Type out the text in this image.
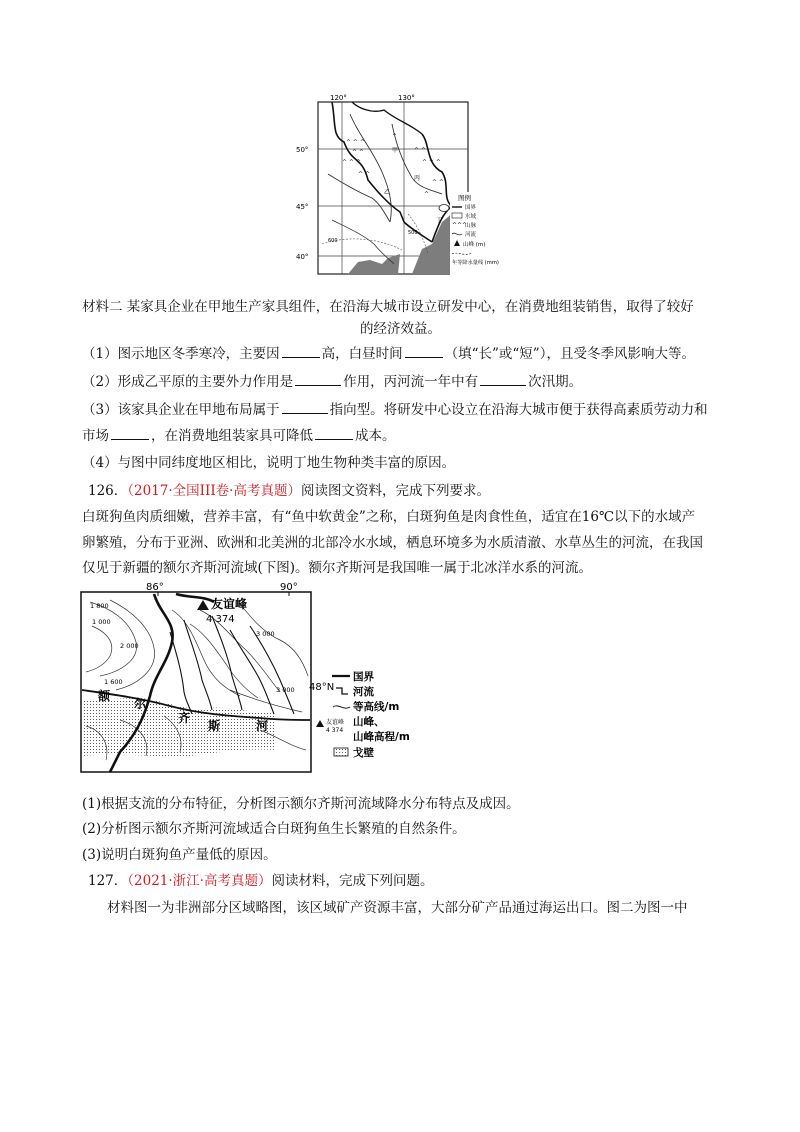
^ ^ ^
^ ^
^ ^ ^
^ ^
^ ^
^ ^ ^
^ ^
^
^
120°	130°
50°
45°
40°
甲
乙
丙
丁
600
500
图例
国界
水域
^^^
山脉
河流
山峰 (m)
年等降水量线 (mm)
材料二 某家具企业在甲地生产家具组件，在沿海大城市设立研发中心，在消费地组装销售，取得了较好
的经济效益。
（1）图示地区冬季寒冷，主要因	高，白昼时间	（填“长”或“短”），且受冬季风影响大等。
（2）形成乙平原的主要外力作用是	作用，丙河流一年中有	次汛期。
（3）该家具企业在甲地布局属于	指向型。将研发中心设立在沿海大城市便于获得高素质劳动力和
市场	，在消费地组装家具可降低	成本。
（4）与图中同纬度地区相比，说明丁地生物种类丰富的原因。
126．（2017·全国III卷·高考真题）阅读图文资料，完成下列要求。
白斑狗鱼肉质细嫩，营养丰富，有“鱼中软黄金”之称，白斑狗鱼是肉食性鱼，适宜在16℃以下的水域产
卵繁殖，分布于亚洲、欧洲和北美洲的北部冷水水域，栖息环境多为水质清澈、水草丛生的河流，在我国
仅见于新疆的额尔齐斯河流域(下图)。额尔齐斯河是我国唯一属于北冰洋水系的河流。
86°	90°
友谊峰
4 374
1 800
3 000
1 000
2 000
1 600
3 000
额
尔
齐
斯	河
48°N
国界
河流
等高线/m
友谊峰
4 374
山峰、
山峰高程/m
戈壁
(1)根据支流的分布特征，分析图示额尔齐斯河流域降水分布特点及成因。
(2)分析图示额尔齐斯河流域适合白斑狗鱼生长繁殖的自然条件。
(3)说明白斑狗鱼产量低的原因。
127．（2021·浙江·高考真题）阅读材料，完成下列问题。
材料图一为非洲部分区域略图，该区域矿产资源丰富，大部分矿产品通过海运出口。图二为图一中
